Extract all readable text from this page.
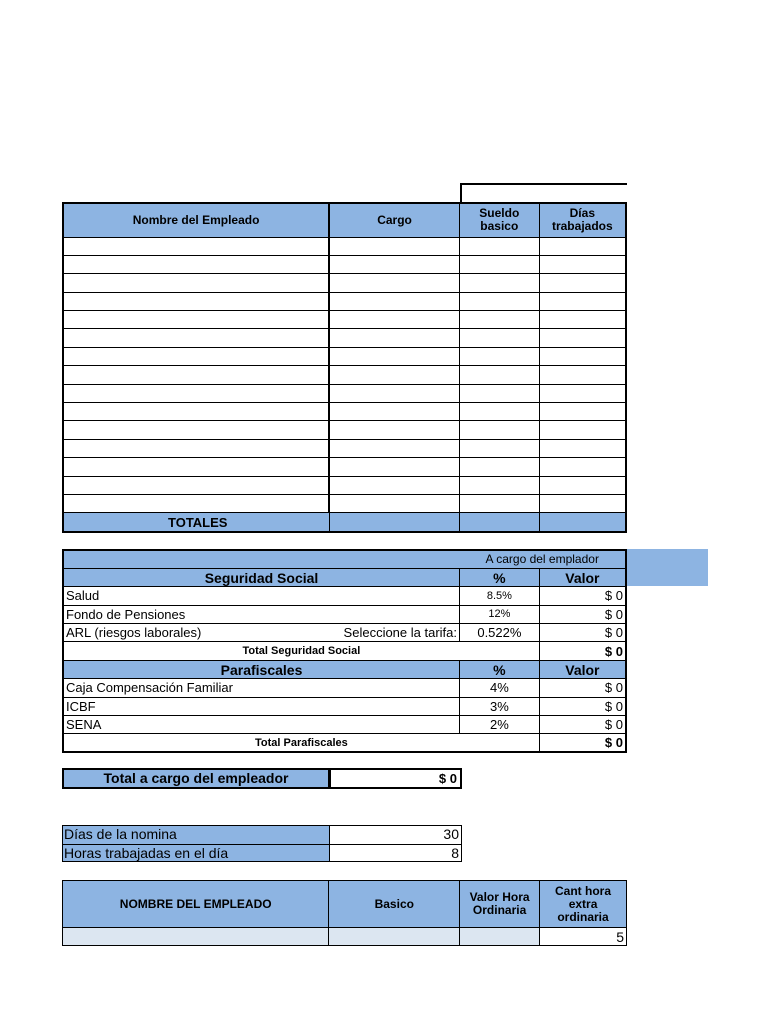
Nombre del Empleado	Cargo	Sueldo basico	Días trabajados

TOTALES			
		A cargo del emplador	
Seguridad Social		%	Valor
Salud		8.5%	$ 0
Fondo de Pensiones		12%	$ 0
ARL (riesgos laborales)	Seleccione la tarifa:	0.522%	$ 0
Total Seguridad Social			$ 0
Parafiscales		%	Valor
Caja Compensación Familiar		4%	$ 0
ICBF		3%	$ 0
SENA		2%	$ 0
Total Parafiscales			$ 0
Total a cargo del empleador	$ 0
Días de la nomina	30
Horas trabajadas en el día	8
NOMBRE DEL EMPLEADO	Basico	Valor Hora Ordinaria	Cant hora extra ordinaria
			5
